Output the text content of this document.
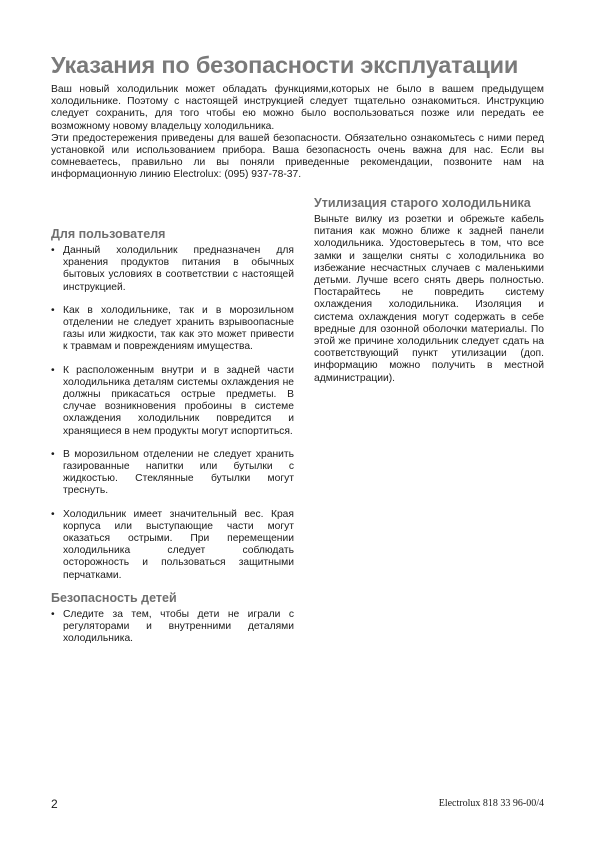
Указания по безопасности эксплуатации

Ваш новый холодильник может обладать функциями,которых не было в вашем предыдущем холодильнике. Поэтому с настоящей инструкцией следует тщательно ознакомиться. Инструкцию следует сохранить, для того чтобы ею можно было воспользоваться позже или передать ее возможному новому владельцу холодильника.

Эти предостережения приведены для вашей безопасности. Обязательно ознакомьтесь с ними перед установкой или использованием прибора. Ваша безопасность очень важна для нас. Если вы сомневаетесь, правильно ли вы поняли приведенные рекомендации, позвоните нам на информационную линию Electrolux: (095) 937-78-37.

Для пользователя
• Данный холодильник предназначен для хранения продуктов питания в обычных бытовых условиях в соответствии с настоящей инструкцией.
• Как в холодильнике, так и в морозильном отделении не следует хранить взрывоопасные газы или жидкости, так как это может привести к травмам и повреждениям имущества.
• К расположенным внутри и в задней части холодильника деталям системы охлаждения не должны прикасаться острые предметы. В случае возникновения пробоины в системе охлаждения холодильник повредится и хранящиеся в нем продукты могут испортиться.
• В морозильном отделении не следует хранить газированные напитки или бутылки с жидкостью. Стеклянные бутылки могут треснуть.
• Холодильник имеет значительный вес. Края корпуса или выступающие части могут оказаться острыми. При перемещении холодильника следует соблюдать осторожность и пользоваться защитными перчатками.
Безопасность детей
• Следите за тем, чтобы дети не играли с регуляторами и внутренними деталями холодильника.
Утилизация старого холодильника

Выньте вилку из розетки и обрежьте кабель питания как можно ближе к задней панели холодильника. Удостоверьтесь в том, что все замки и защелки сняты с холодильника во избежание несчастных случаев с маленькими детьми. Лучше всего снять дверь полностью. Постарайтесь не повредить систему охлаждения холодильника. Изоляция и система охлаждения могут содержать в себе вредные для озонной оболочки материалы. По этой же причине холодильник следует сдать на соответствующий пункт утилизации (доп. информацию можно получить в местной администрации).

2	Electrolux 818 33 96-00/4
